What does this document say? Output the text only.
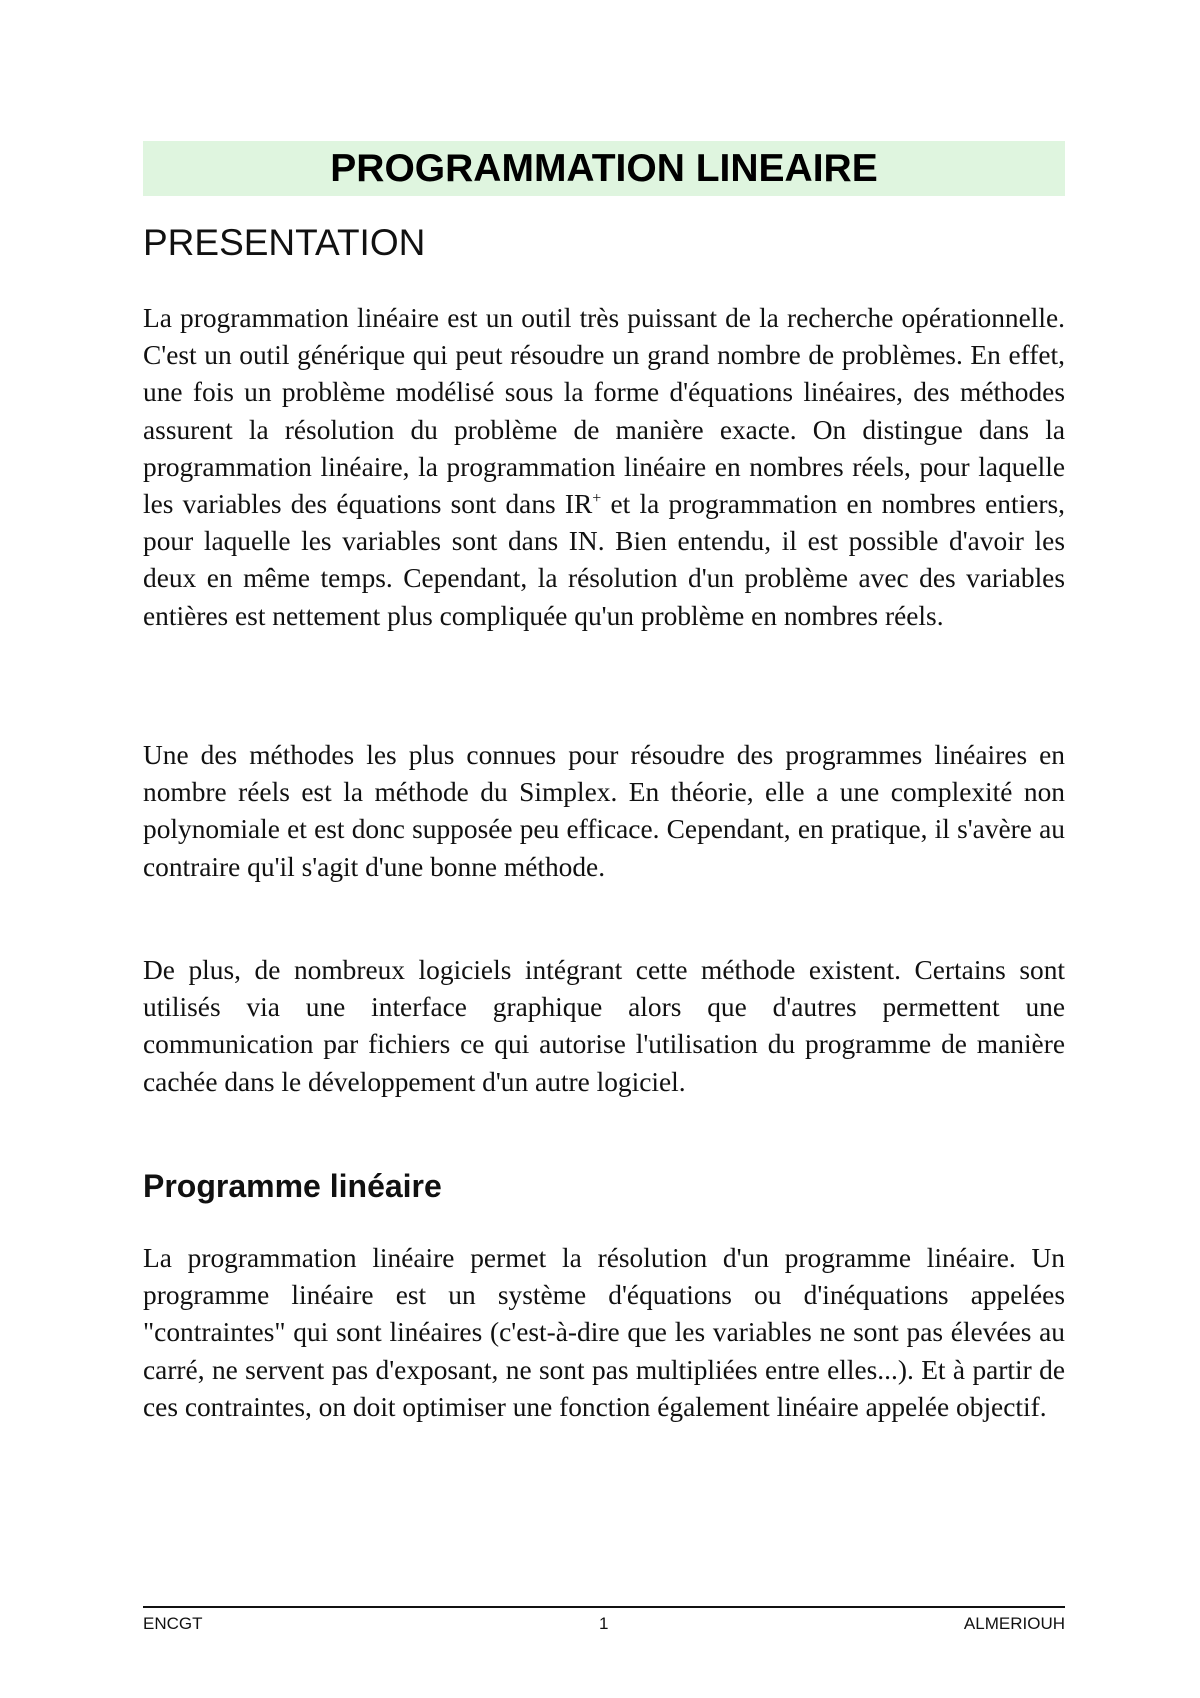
PROGRAMMATION LINEAIRE
PRESENTATION

La programmation linéaire est un outil très puissant de la recherche opérationnelle. C'est un outil générique qui peut résoudre un grand nombre de problèmes. En effet, une fois un problème modélisé sous la forme d'équations linéaires, des méthodes assurent la résolution du problème de manière exacte. On distingue dans la programmation linéaire, la programmation linéaire en nombres réels, pour laquelle les variables des équations sont dans IR+ et la programmation en nombres entiers, pour laquelle les variables sont dans IN. Bien entendu, il est possible d'avoir les deux en même temps. Cependant, la résolution d'un problème avec des variables entières est nettement plus compliquée qu'un problème en nombres réels.

Une des méthodes les plus connues pour résoudre des programmes linéaires en nombre réels est la méthode du Simplex. En théorie, elle a une complexité non polynomiale et est donc supposée peu efficace. Cependant, en pratique, il s'avère au contraire qu'il s'agit d'une bonne méthode.

De plus, de nombreux logiciels intégrant cette méthode existent. Certains sont utilisés via une interface graphique alors que d'autres permettent une communication par fichiers ce qui autorise l'utilisation du programme de manière cachée dans le développement d'un autre logiciel.

Programme linéaire

La programmation linéaire permet la résolution d'un programme linéaire. Un programme linéaire est un système d'équations ou d'inéquations appelées "contraintes" qui sont linéaires (c'est-à-dire que les variables ne sont pas élevées au carré, ne servent pas d'exposant, ne sont pas multipliées entre elles...). Et à partir de ces contraintes, on doit optimiser une fonction également linéaire appelée objectif.

ENCGT	1	ALMERIOUH
